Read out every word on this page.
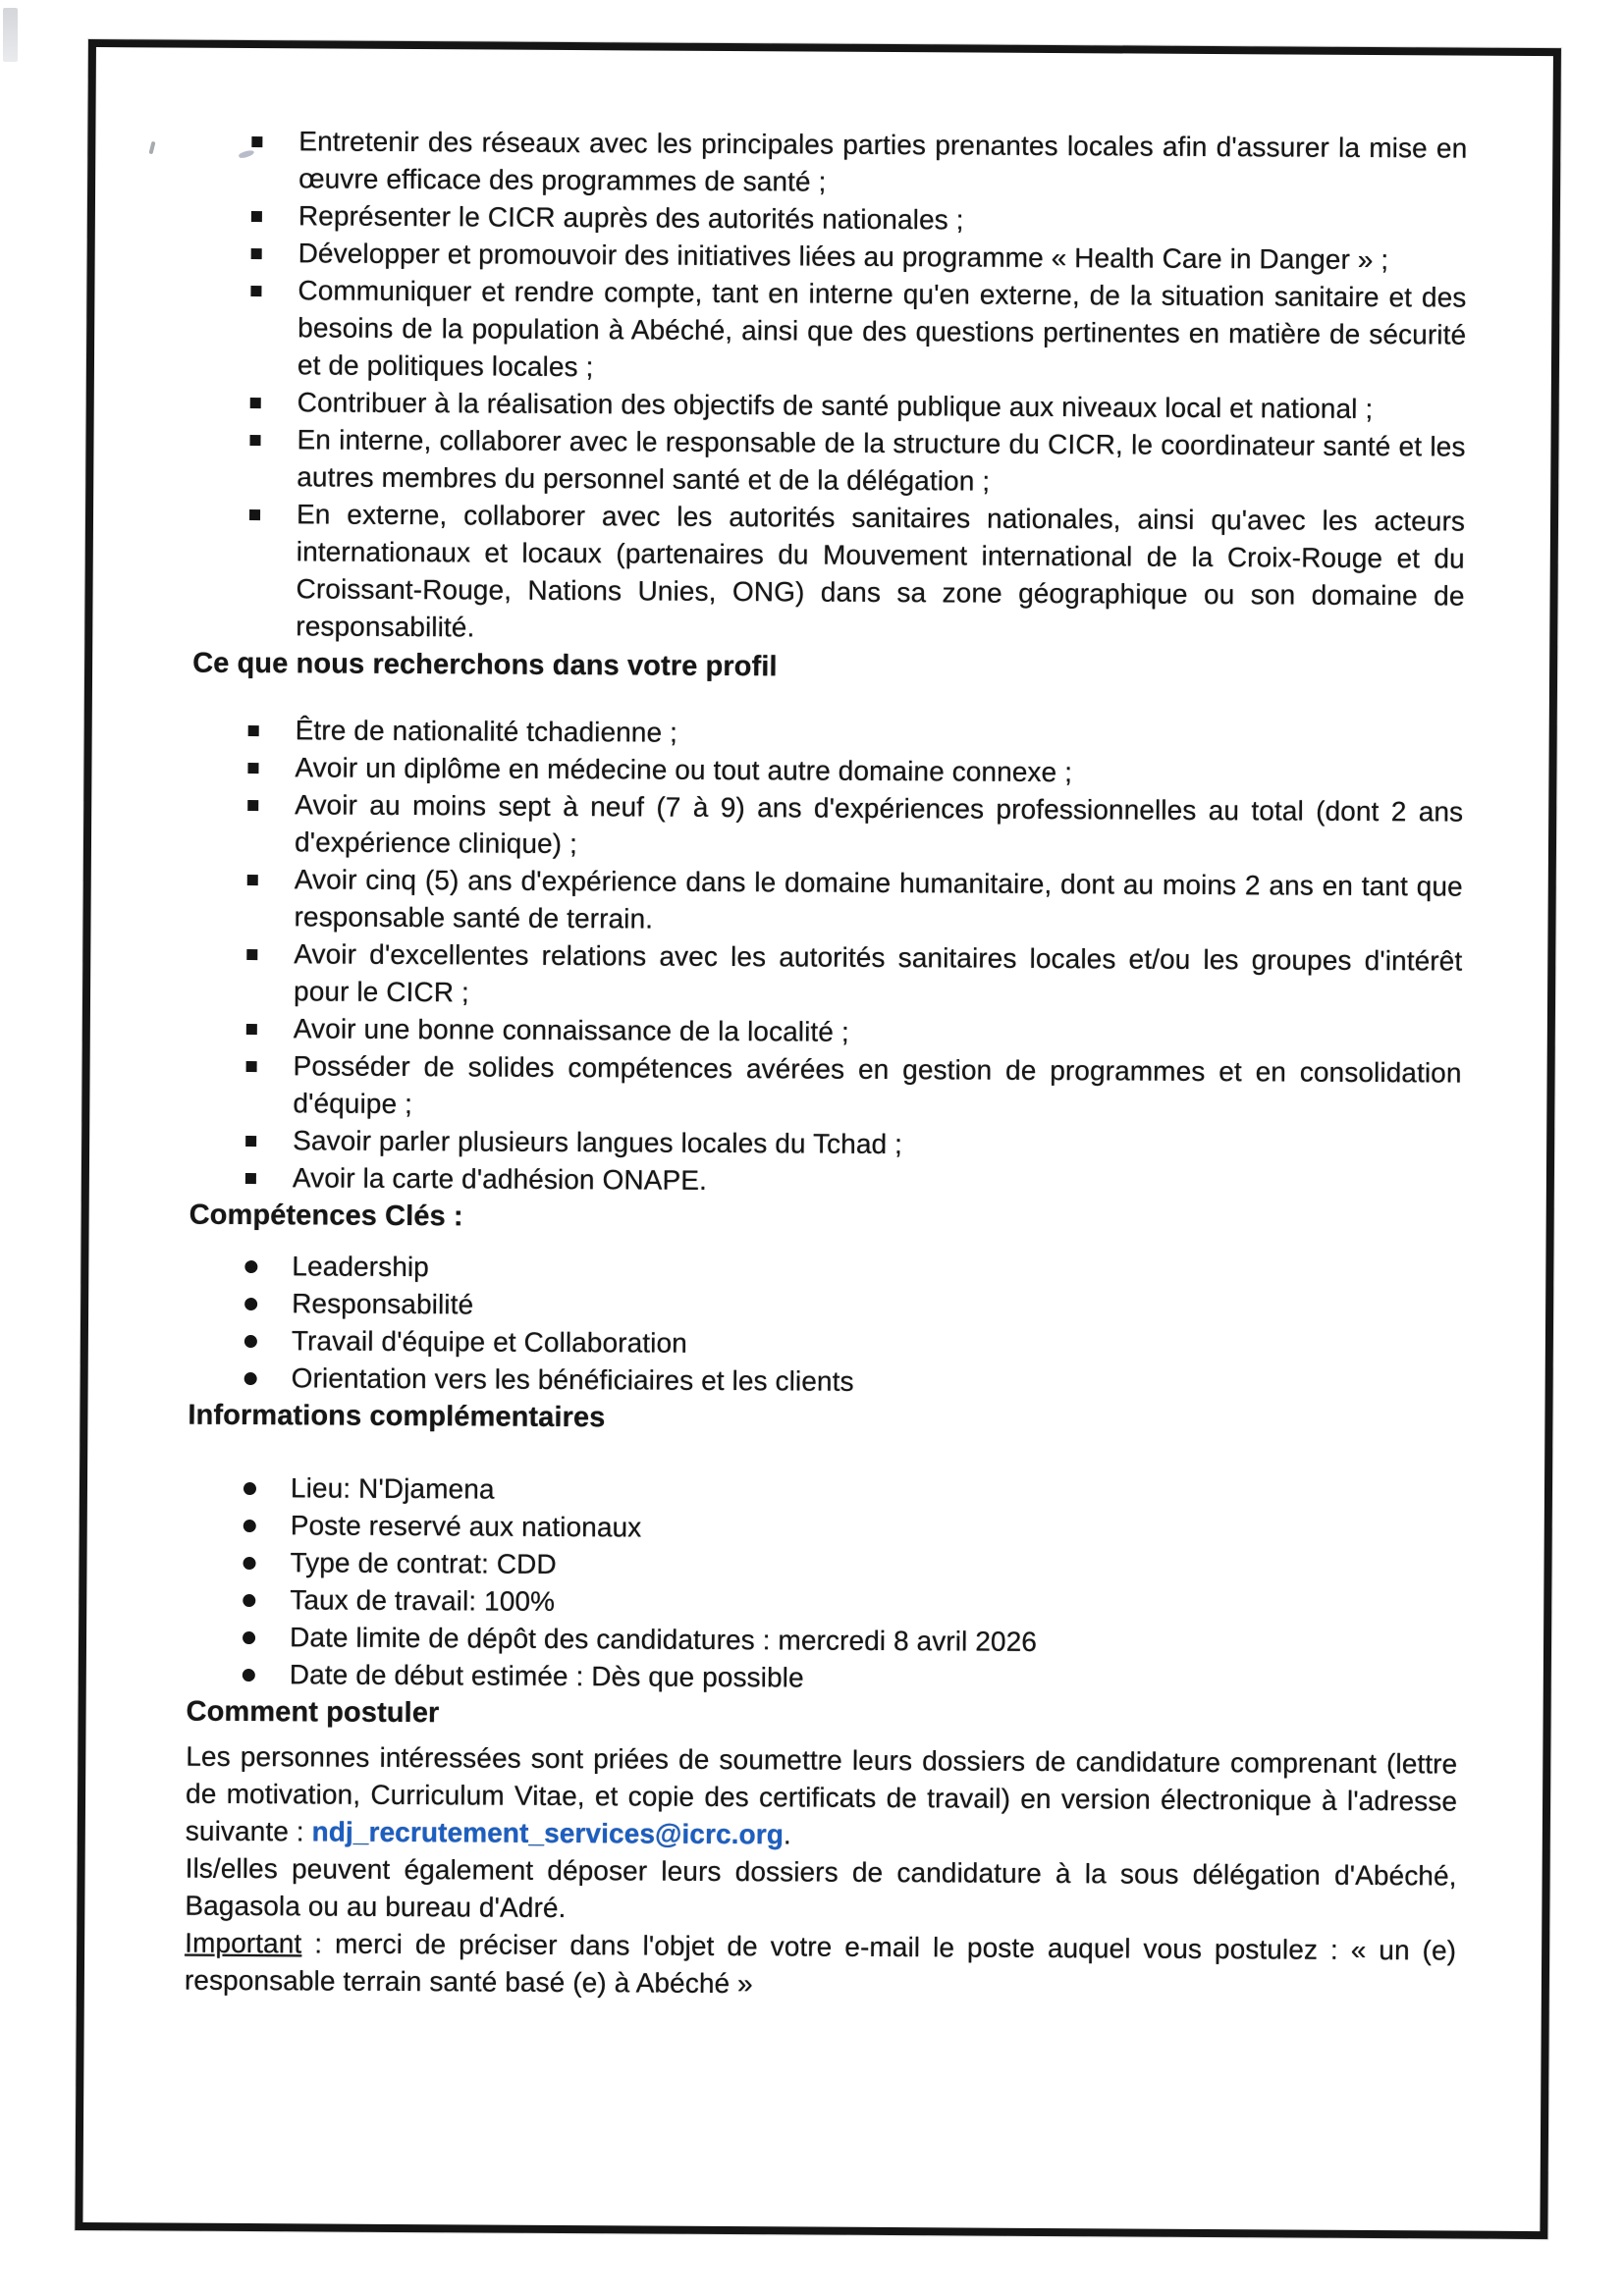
Entretenir des réseaux avec les principales parties prenantes locales afin d'assurer la mise en œuvre efficace des programmes de santé ;
Représenter le CICR auprès des autorités nationales ;
Développer et promouvoir des initiatives liées au programme « Health Care in Danger » ;
Communiquer et rendre compte, tant en interne qu'en externe, de la situation sanitaire et des besoins de la population à Abéché, ainsi que des questions pertinentes en matière de sécurité et de politiques locales ;
Contribuer à la réalisation des objectifs de santé publique aux niveaux local et national ;
En interne, collaborer avec le responsable de la structure du CICR, le coordinateur santé et les autres membres du personnel santé et de la délégation ;
En externe, collaborer avec les autorités sanitaires nationales, ainsi qu'avec les acteurs internationaux et locaux (partenaires du Mouvement international de la Croix-Rouge et du Croissant-Rouge, Nations Unies, ONG) dans sa zone géographique ou son domaine de responsabilité.
Ce que nous recherchons dans votre profil
Être de nationalité tchadienne ;
Avoir un diplôme en médecine ou tout autre domaine connexe ;
Avoir au moins sept à neuf (7 à 9) ans d'expériences professionnelles au total (dont 2 ans d'expérience clinique) ;
Avoir cinq (5) ans d'expérience dans le domaine humanitaire, dont au moins 2 ans en tant que responsable santé de terrain.
Avoir d'excellentes relations avec les autorités sanitaires locales et/ou les groupes d'intérêt pour le CICR ;
Avoir une bonne connaissance de la localité ;
Posséder de solides compétences avérées en gestion de programmes et en consolidation d'équipe ;
Savoir parler plusieurs langues locales du Tchad ;
Avoir la carte d'adhésion ONAPE.
Compétences Clés :
Leadership
Responsabilité
Travail d'équipe et Collaboration
Orientation vers les bénéficiaires et les clients
Informations complémentaires
Lieu: N'Djamena
Poste reservé aux nationaux
Type de contrat: CDD
Taux de travail: 100%
Date limite de dépôt des candidatures : mercredi 8 avril 2026
Date de début estimée : Dès que possible
Comment postuler

Les personnes intéressées sont priées de soumettre leurs dossiers de candidature comprenant (lettre de motivation, Curriculum Vitae, et copie des certificats de travail) en version électronique à l'adresse suivante : ndj_recrutement_services@icrc.org.

Ils/elles peuvent également déposer leurs dossiers de candidature à la sous délégation d'Abéché, Bagasola ou au bureau d'Adré.

Important : merci de préciser dans l'objet de votre e-mail le poste auquel vous postulez : « un (e) responsable terrain santé basé (e) à Abéché »
